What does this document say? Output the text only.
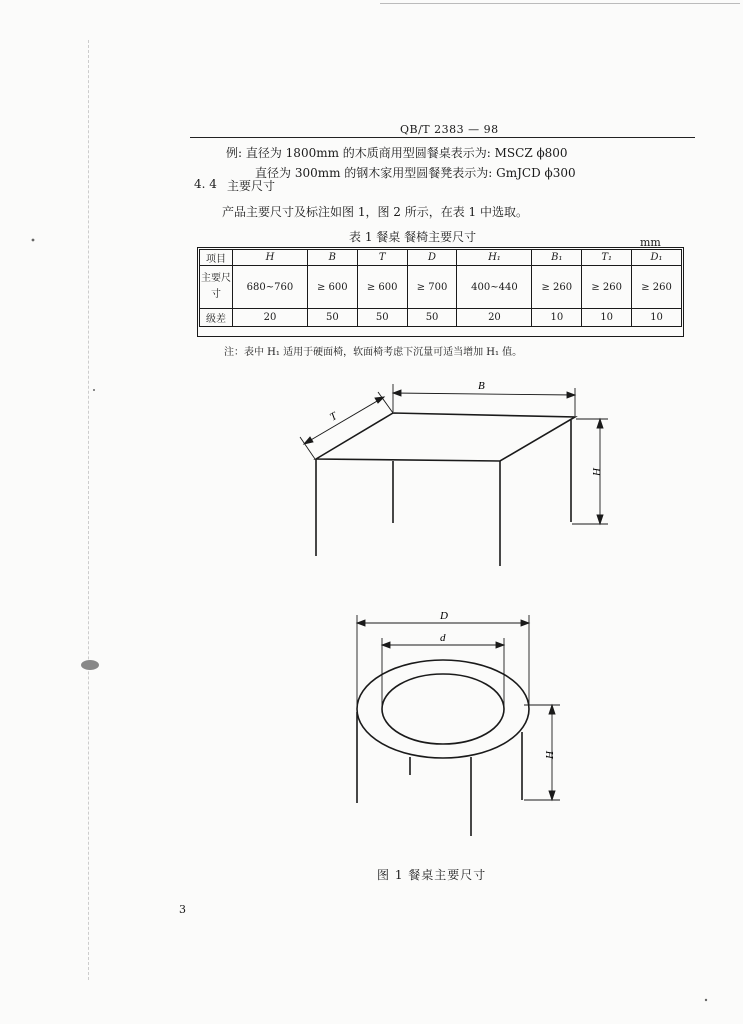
QB/T 2383 — 98
例: 直径为 1800mm 的木质商用型圆餐桌表示为: MSCZ ϕ800
直径为 300mm 的钢木家用型圆餐凳表示为: GmJCD ϕ300
4. 4 主要尺寸
产品主要尺寸及标注如图 1，图 2 所示，在表 1 中选取。
表 1 餐桌 餐椅主要尺寸	mm
项目	H	B	T	D	H₁	B₁	T₁	D₁
主要尺寸	680~760	≥ 600	≥ 600	≥ 700	400~440	≥ 260	≥ 260	≥ 260
级差	20	50	50	50	20	10	10	10
注：表中 H₁ 适用于硬面椅，软面椅考虑下沉量可适当增加 H₁ 值。
B
T
H
D
d
H
图 1 餐桌主要尺寸
3
